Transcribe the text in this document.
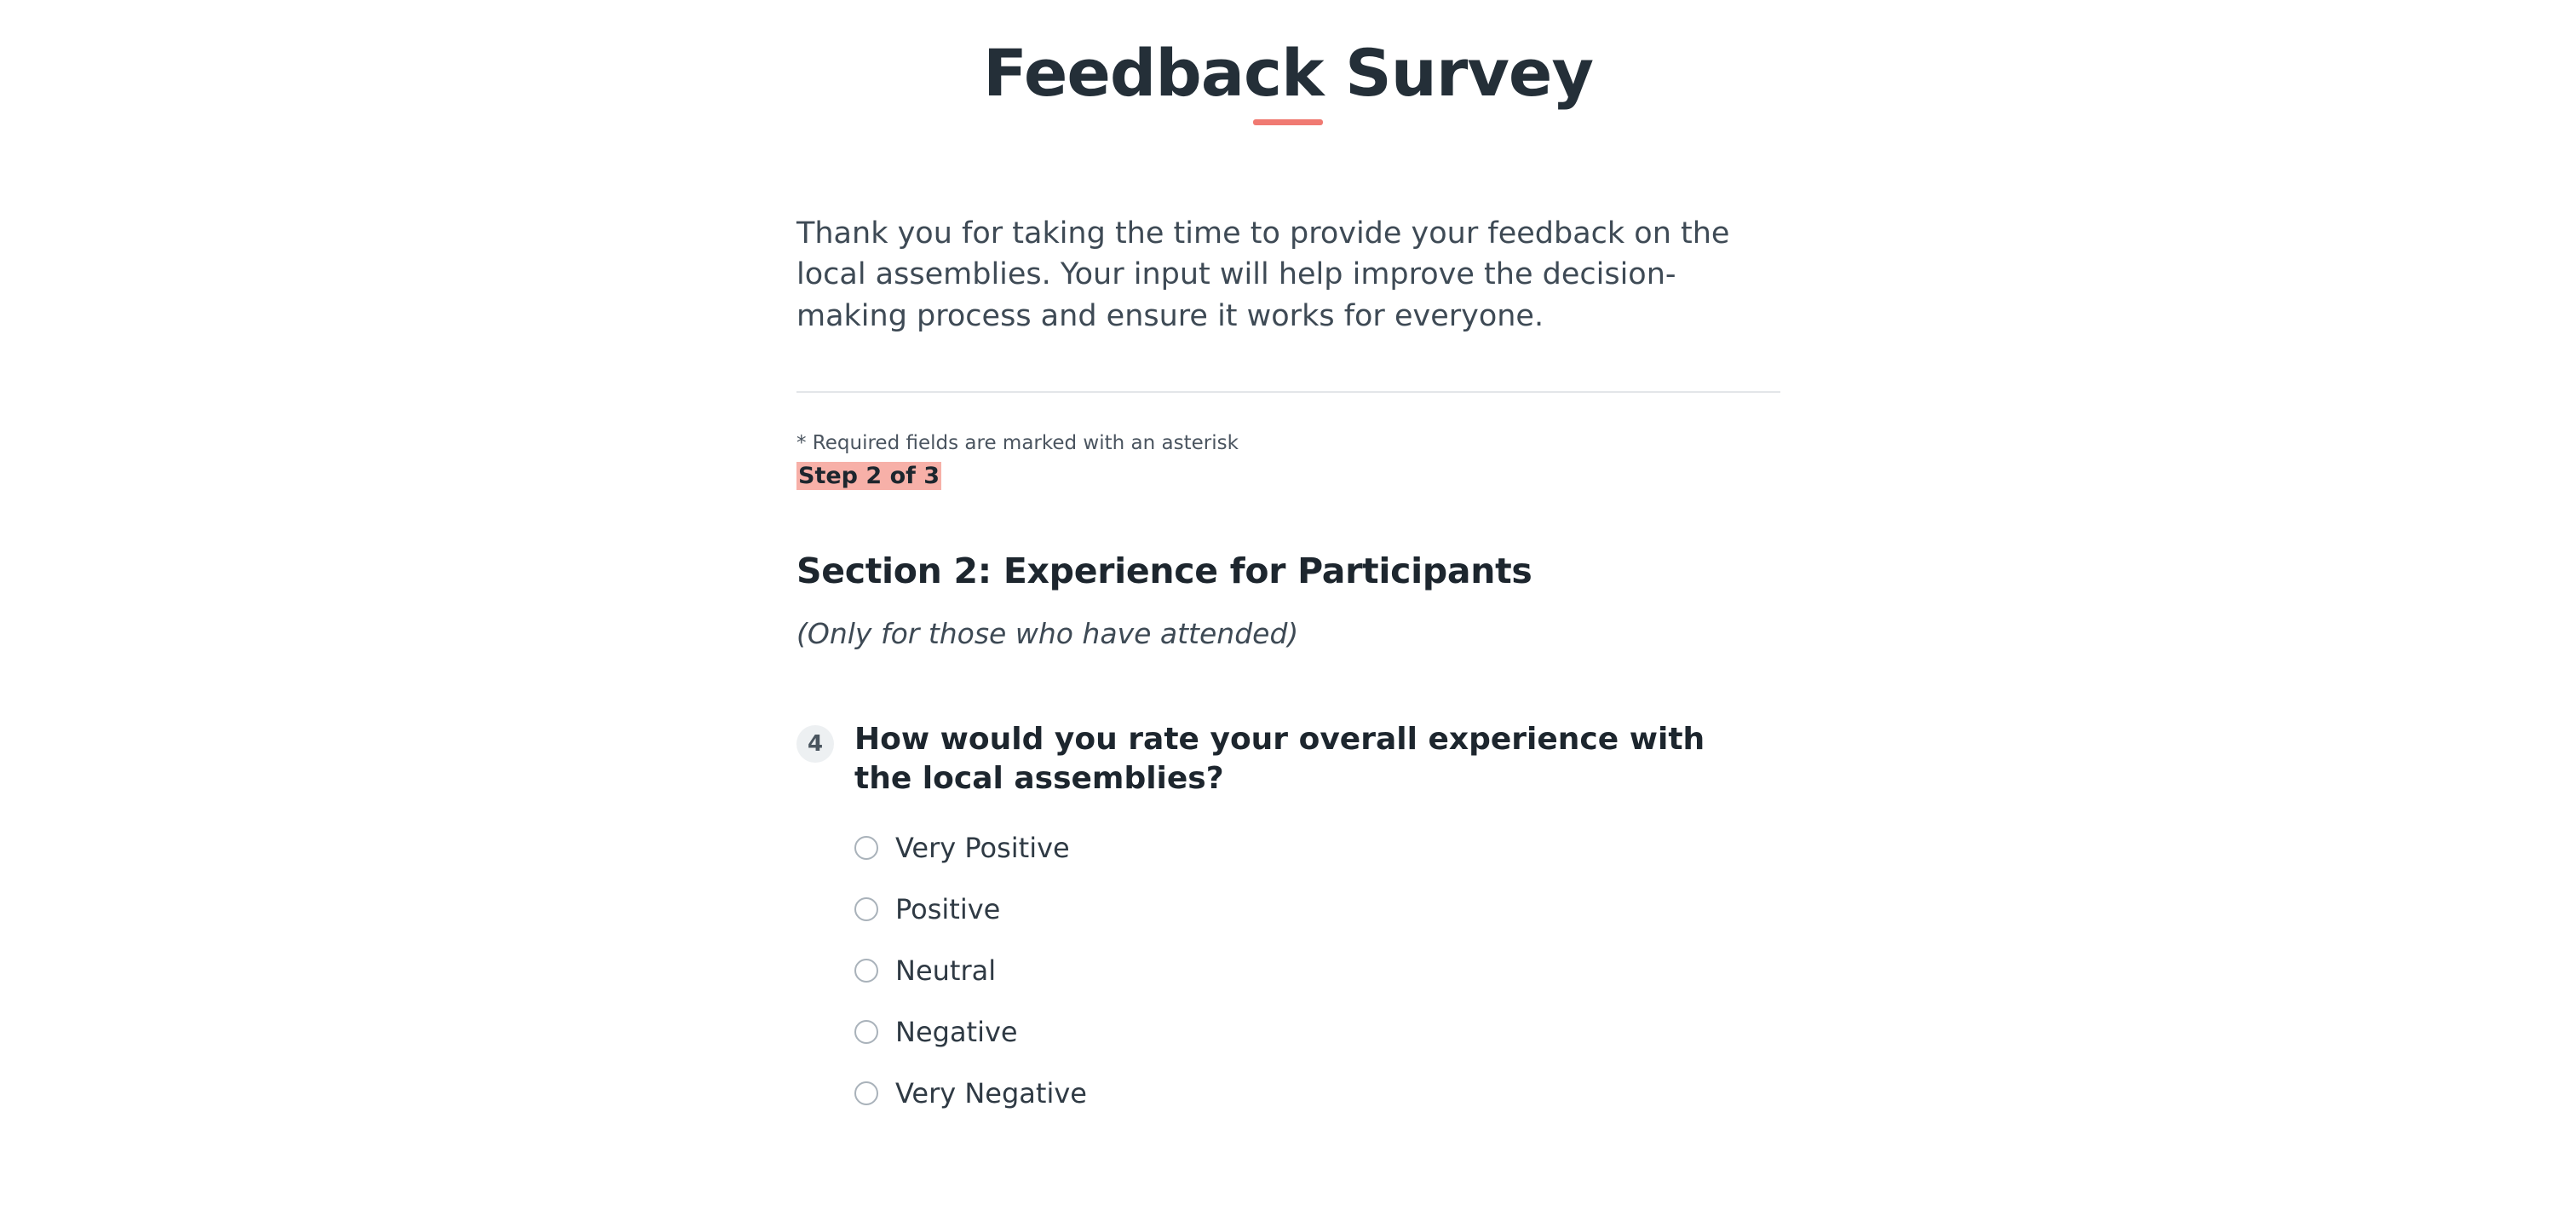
Feedback Survey

Thank you for taking the time to provide your feedback on the local assemblies. Your input will help improve the decision-making process and ensure it works for everyone.

* Required fields are marked with an asterisk
Step 2 of 3
Section 2: Experience for Participants
(Only for those who have attended)
4	How would you rate your overall experience with the local assemblies?
Very Positive
Positive
Neutral
Negative
Very Negative
